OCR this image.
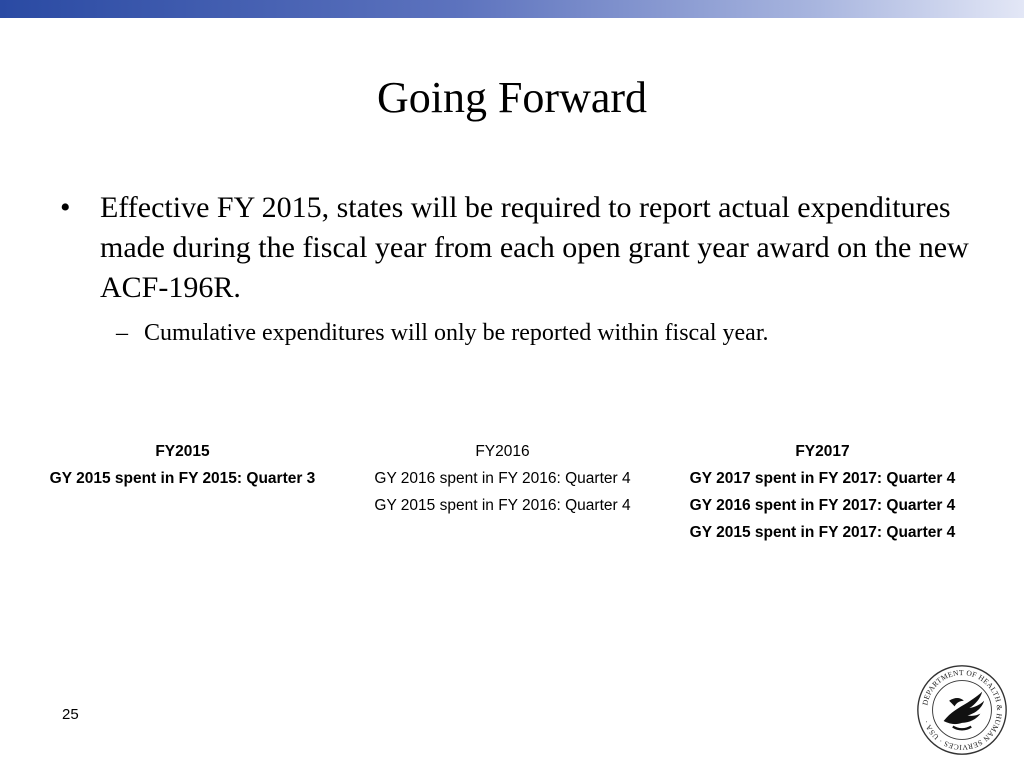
Going Forward
• Effective FY 2015, states will be required to report actual expenditures made during the fiscal year from each open grant year award on the new ACF-196R.
– Cumulative expenditures will only be reported within fiscal year.
FY2015
GY 2015 spent in FY 2015: Quarter 3
FY2016
GY 2016 spent in FY 2016: Quarter 4
GY 2015 spent in FY 2016: Quarter 4
FY2017
GY 2017 spent in FY 2017: Quarter 4
GY 2016 spent in FY 2017: Quarter 4
GY 2015 spent in FY 2017: Quarter 4
25
DEPARTMENT OF HEALTH & HUMAN SERVICES · USA ·
